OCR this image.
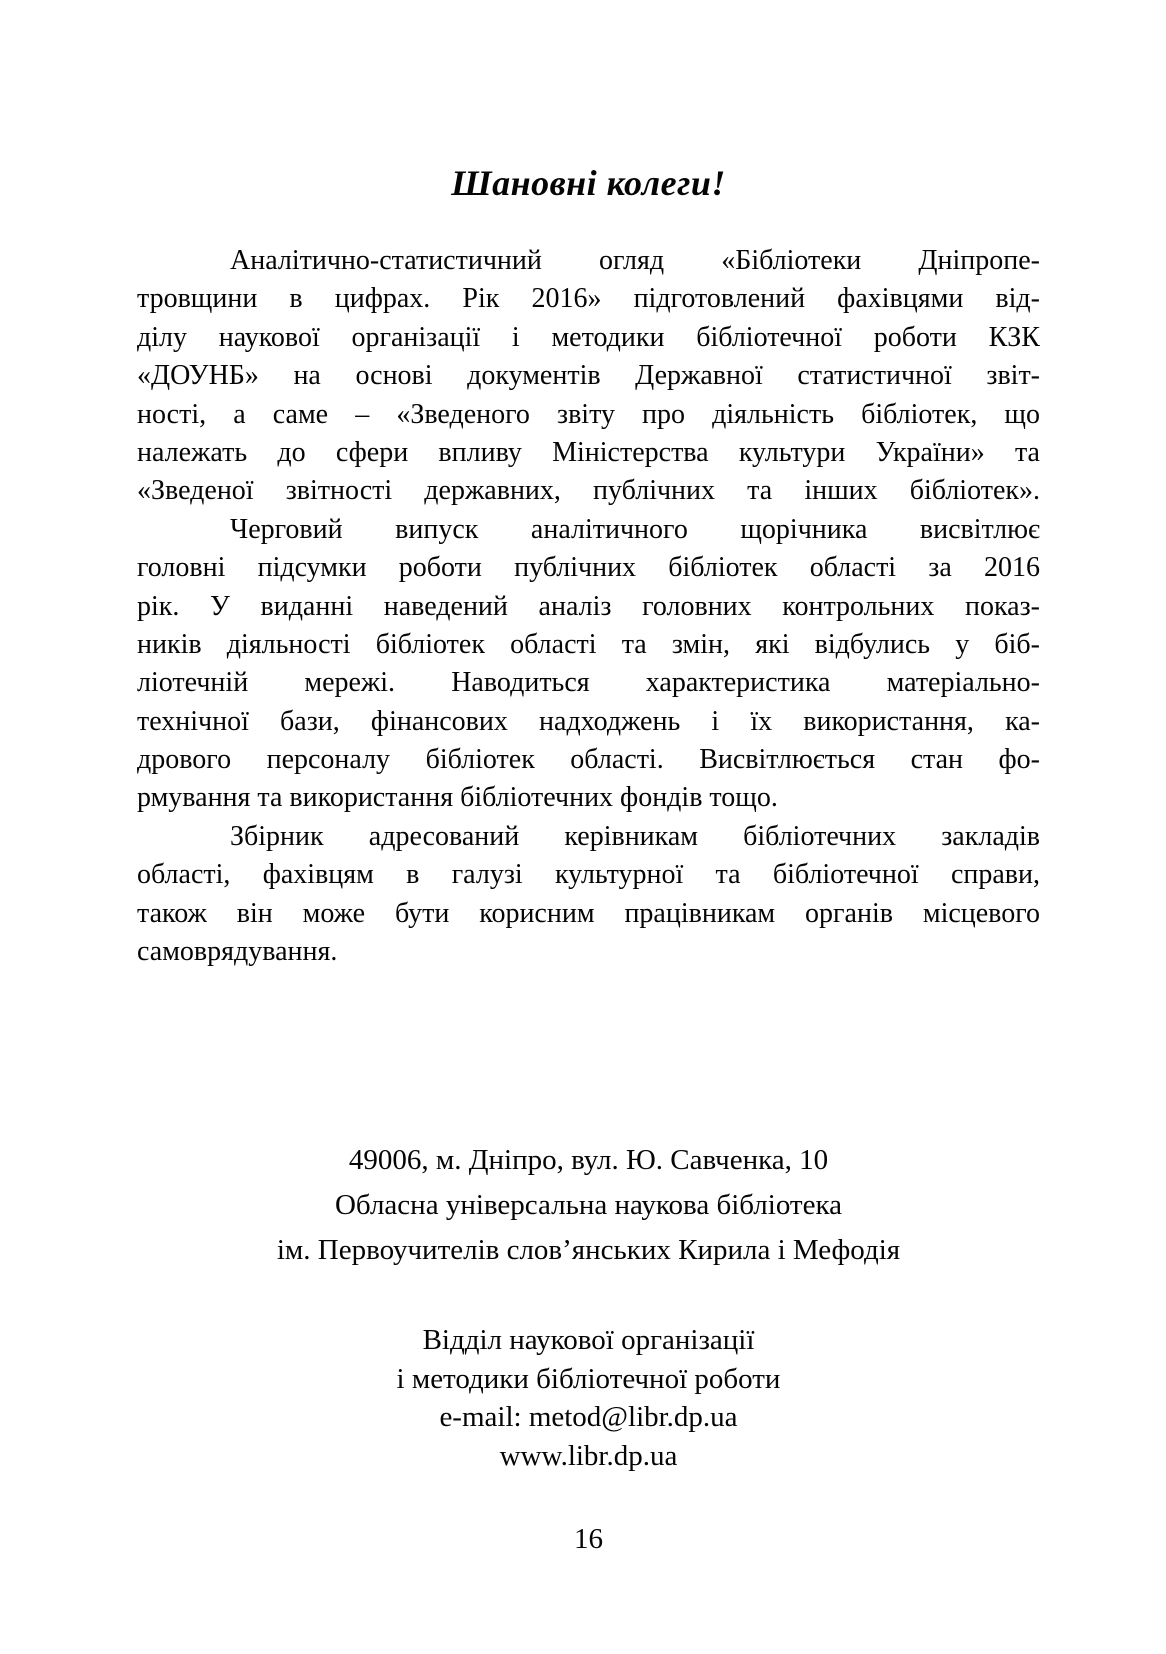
Шановні колеги!
Аналітично-статистичний огляд «Бібліотеки Дніпропе-
тровщини в цифрах. Рік 2016» підготовлений фахівцями від-
ділу наукової організації і методики бібліотечної роботи КЗК
«ДОУНБ» на основі документів Державної статистичної звіт-
ності, а саме – «Зведеного звіту про діяльність бібліотек, що
належать до сфери впливу Міністерства культури України» та
«Зведеної звітності державних, публічних та інших бібліотек».
Черговий випуск аналітичного щорічника висвітлює
головні підсумки роботи публічних бібліотек області за 2016
рік. У виданні наведений аналіз головних контрольних показ-
ників діяльності бібліотек області та змін, які відбулись у біб-
ліотечній мережі. Наводиться характеристика матеріально-
технічної бази, фінансових надходжень і їх використання, ка-
дрового персоналу бібліотек області. Висвітлюється стан фо-
рмування та використання бібліотечних фондів тощо.
Збірник адресований керівникам бібліотечних закладів
області, фахівцям в галузі культурної та бібліотечної справи,
також він може бути корисним працівникам органів місцевого
самоврядування.
49006, м. Дніпро, вул. Ю. Савченка, 10
Обласна універсальна наукова бібліотека
ім. Первоучителів слов’янських Кирила і Мефодія
Відділ наукової організації
і методики бібліотечної роботи
e-mail: metod@libr.dp.ua
www.libr.dp.ua
16
